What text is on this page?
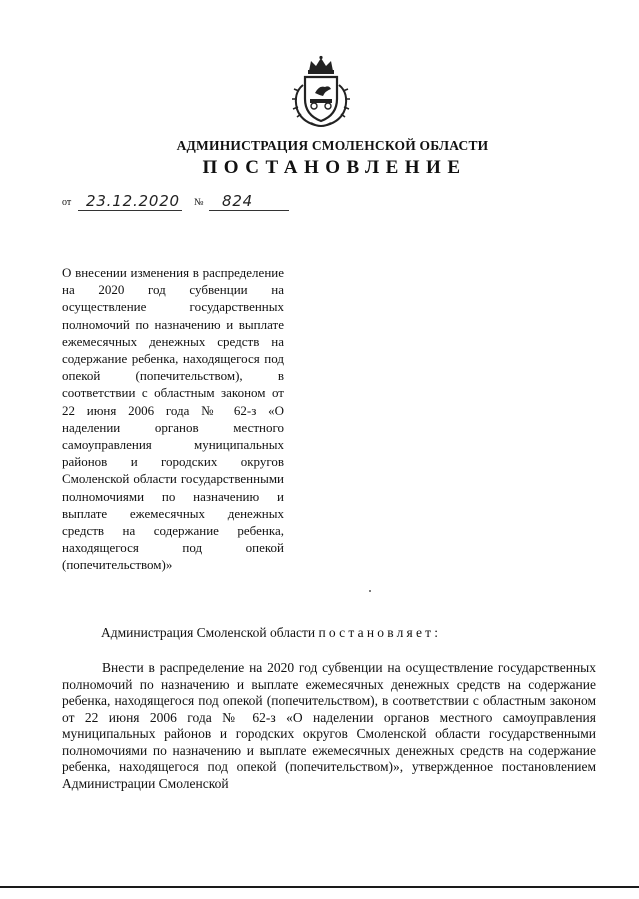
АДМИНИСТРАЦИЯ СМОЛЕНСКОЙ ОБЛАСТИ
ПОСТАНОВЛЕНИЕ
от 23.12.2020 № 824
О внесении изменения в распределение на 2020 год субвенции на осуществление государственных полномочий по назначению и выплате ежемесячных денежных средств на содержание ребенка, находящегося под опекой (попечительством), в соответствии с областным законом от 22 июня 2006 года № 62-з «О наделении органов местного самоуправления муниципальных районов и городских округов Смоленской области государственными полномочиями по назначению и выплате ежемесячных денежных средств на содержание ребенка, находящегося под опекой (попечительством)»
Администрация Смоленской области постановляет:
Внести в распределение на 2020 год субвенции на осуществление государственных полномочий по назначению и выплате ежемесячных денежных средств на содержание ребенка, находящегося под опекой (попечительством), в соответствии с областным законом от 22 июня 2006 года № 62-з «О наделении органов местного самоуправления муниципальных районов и городских округов Смоленской области государственными полномочиями по назначению и выплате ежемесячных денежных средств на содержание ребенка, находящегося под опекой (попечительством)», утвержденное постановлением Администрации Смоленской
